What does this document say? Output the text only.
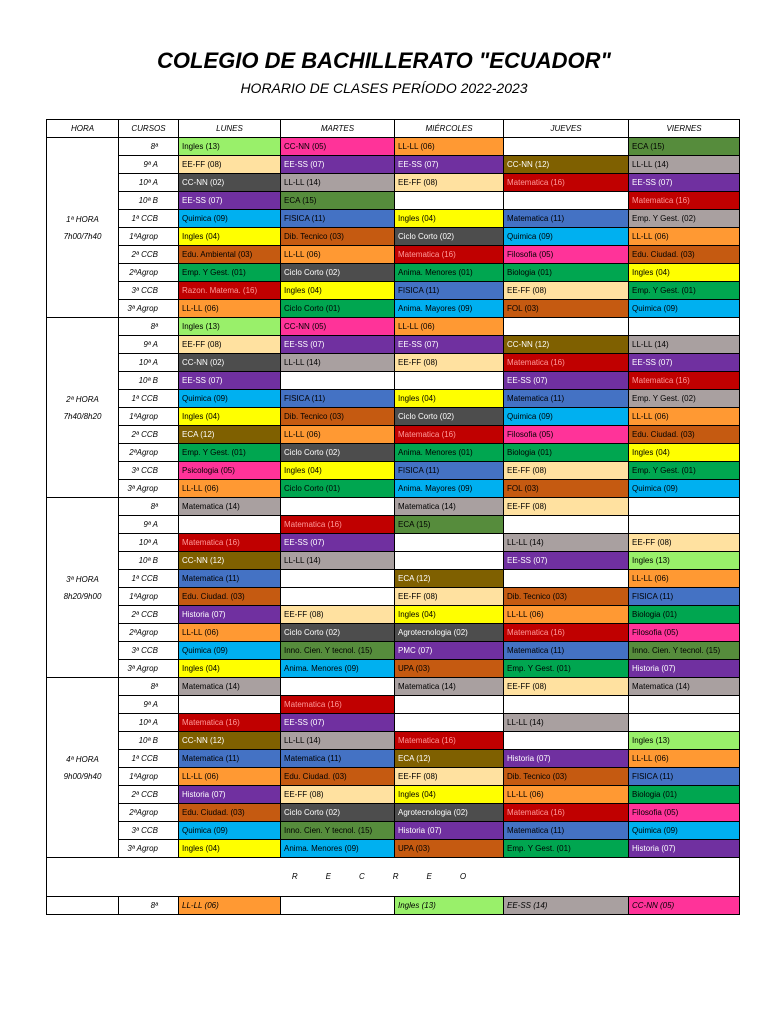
COLEGIO DE BACHILLERATO "ECUADOR"
HORARIO DE CLASES PERÍODO 2022-2023
HORA	CURSOS	LUNES	MARTES	MIÉRCOLES	JUEVES	VIERNES

1ª HORA
7h00/7h40	8ª	Ingles (13)	CC-NN (05)	LL-LL (06)		ECA (15)
	9ª A	EE-FF (08)	EE-SS (07)	EE-SS (07)	CC-NN (12)	LL-LL (14)
	10ª A	CC-NN (02)	LL-LL (14)	EE-FF (08)	Matematica (16)	EE-SS (07)
	10ª B	EE-SS (07)	ECA (15)			Matematica (16)
	1ª CCB	Quimica (09)	FISICA (11)	Ingles (04)	Matematica (11)	Emp. Y Gest. (02)
	1ªAgrop	Ingles (04)	Dib. Tecnico (03)	Ciclo Corto (02)	Quimica (09)	LL-LL (06)
	2ª CCB	Edu. Ambiental (03)	LL-LL (06)	Matematica (16)	Filosofia (05)	Edu. Ciudad. (03)
	2ªAgrop	Emp. Y Gest. (01)	Ciclo Corto (02)	Anima. Menores (01)	Biologia (01)	Ingles (04)
	3ª CCB	Razon. Matema. (16)	Ingles (04)	FISICA (11)	EE-FF (08)	Emp. Y Gest. (01)
	3ª Agrop	LL-LL (06)	Ciclo Corto (01)	Anima. Mayores (09)	FOL (03)	Quimica (09)

2ª HORA
7h40/8h20	8ª	Ingles (13)	CC-NN (05)	LL-LL (06)		
	9ª A	EE-FF (08)	EE-SS (07)	EE-SS (07)	CC-NN (12)	LL-LL (14)
	10ª A	CC-NN (02)	LL-LL (14)	EE-FF (08)	Matematica (16)	EE-SS (07)
	10ª B	EE-SS (07)			EE-SS (07)	Matematica (16)
	1ª CCB	Quimica (09)	FISICA (11)	Ingles (04)	Matematica (11)	Emp. Y Gest. (02)
	1ªAgrop	Ingles (04)	Dib. Tecnico (03)	Ciclo Corto (02)	Quimica (09)	LL-LL (06)
	2ª CCB	ECA (12)	LL-LL (06)	Matematica (16)	Filosofia (05)	Edu. Ciudad. (03)
	2ªAgrop	Emp. Y Gest. (01)	Ciclo Corto (02)	Anima. Menores (01)	Biologia (01)	Ingles (04)
	3ª CCB	Psicologia (05)	Ingles (04)	FISICA (11)	EE-FF (08)	Emp. Y Gest. (01)
	3ª Agrop	LL-LL (06)	Ciclo Corto (01)	Anima. Mayores (09)	FOL (03)	Quimica (09)

3ª HORA
8h20/9h00	8ª	Matematica (14)		Matematica (14)	EE-FF (08)	
	9ª A		Matematica (16)	ECA (15)		
	10ª A	Matematica (16)	EE-SS (07)		LL-LL (14)	EE-FF (08)
	10ª B	CC-NN (12)	LL-LL (14)		EE-SS (07)	Ingles (13)
	1ª CCB	Matematica (11)		ECA (12)		LL-LL (06)
	1ªAgrop	Edu. Ciudad. (03)		EE-FF (08)	Dib. Tecnico (03)	FISICA (11)
	2ª CCB	Historia (07)	EE-FF (08)	Ingles (04)	LL-LL (06)	Biologia (01)
	2ªAgrop	LL-LL (06)	Ciclo Corto (02)	Agrotecnologia (02)	Matematica (16)	Filosofia (05)
	3ª CCB	Quimica (09)	Inno. Cien. Y tecnol. (15)	PMC (07)	Matematica (11)	Inno. Cien. Y tecnol. (15)
	3ª Agrop	Ingles (04)	Anima. Menores (09)	UPA (03)	Emp. Y Gest. (01)	Historia (07)

4ª HORA
9h00/9h40	8ª	Matematica (14)		Matematica (14)	EE-FF (08)	Matematica (14)
	9ª A		Matematica (16)			
	10ª A	Matematica (16)	EE-SS (07)		LL-LL (14)	
	10ª B	CC-NN (12)	LL-LL (14)	Matematica (16)		Ingles (13)
	1ª CCB	Matematica (11)	Matematica (11)	ECA (12)	Historia (07)	LL-LL (06)
	1ªAgrop	LL-LL (06)	Edu. Ciudad. (03)	EE-FF (08)	Dib. Tecnico (03)	FISICA (11)
	2ª CCB	Historia (07)	EE-FF (08)	Ingles (04)	LL-LL (06)	Biologia (01)
	2ªAgrop	Edu. Ciudad. (03)	Ciclo Corto (02)	Agrotecnologia (02)	Matematica (16)	Filosofia (05)
	3ª CCB	Quimica (09)	Inno. Cien. Y tecnol. (15)	Historia (07)	Matematica (11)	Quimica (09)
	3ª Agrop	Ingles (04)	Anima. Menores (09)	UPA (03)	Emp. Y Gest. (01)	Historia (07)
RECREO						
	8ª	LL-LL (06)		Ingles (13)	EE-SS (14)	CC-NN (05)
